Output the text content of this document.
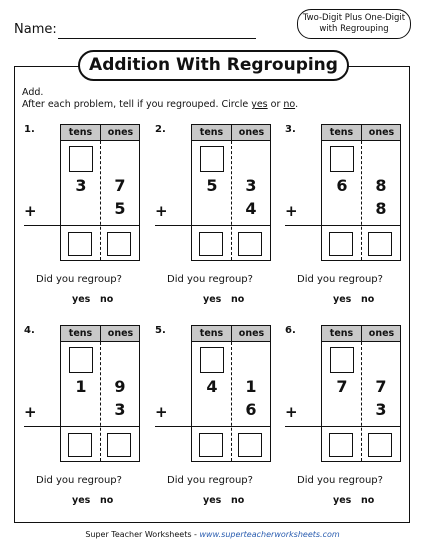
Name:
Two-Digit Plus One-Digit
with Regrouping
Addition With Regrouping
Add.
After each problem, tell if you regrouped. Circle yes or no.
1.	tens	ones
3 7
5
+
Did you regroup?
yes no
2.	tens	ones
5 3
4
+
Did you regroup?
yes no
3.	tens	ones
6 8
8
+
Did you regroup?
yes no
4.	tens	ones
1 9
3
+
Did you regroup?
yes no
5.	tens	ones
4 1
6
+
Did you regroup?
yes no
6.	tens	ones
7 7
3
+
Did you regroup?
yes no
Super Teacher Worksheets - www.superteacherworksheets.com
